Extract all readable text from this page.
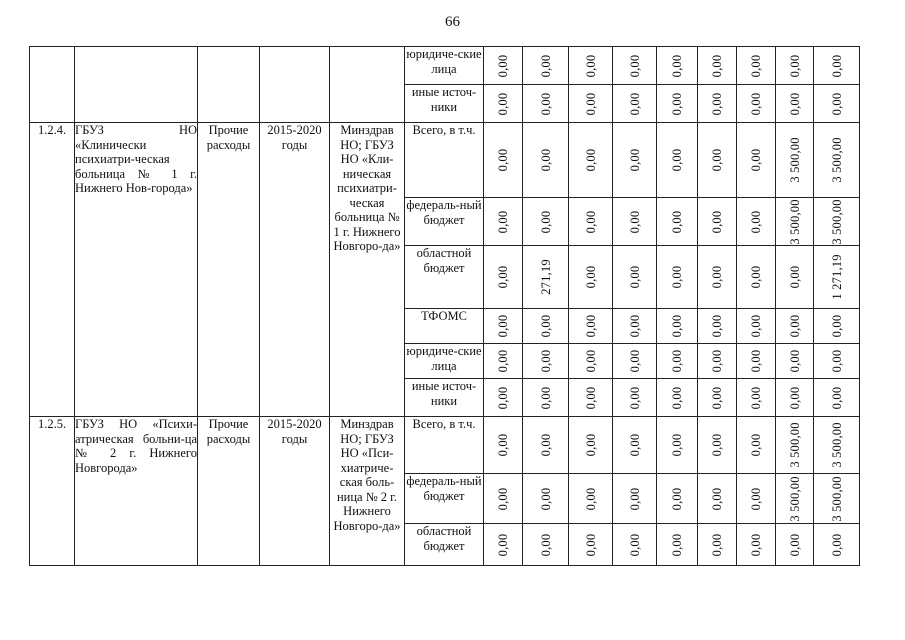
66
					юридиче-ские лица	0,00	0,00	0,00	0,00	0,00	0,00	0,00	0,00	0,00

					иные источ-ники	0,00	0,00	0,00	0,00	0,00	0,00	0,00	0,00	0,00

1.2.4.	ГБУЗ НО «Клинически психиатри-ческая больница № 1 г. Нижнего Нов-города»	Прочие расходы	2015-2020 годы	Минздрав НО; ГБУЗ НО «Кли-ническая психиатри-ческая больница № 1 г. Нижнего Новгоро-да»	Всего, в т.ч.	0,00	0,00	0,00	0,00	0,00	0,00	0,00	3 500,00	3 500,00

					федераль-ный бюджет	0,00	0,00	0,00	0,00	0,00	0,00	0,00	3 500,00	3 500,00

					областной бюджет	0,00	271,19	0,00	0,00	0,00	0,00	0,00	0,00	1 271,19

					ТФОМС	0,00	0,00	0,00	0,00	0,00	0,00	0,00	0,00	0,00

					юридиче-ские лица	0,00	0,00	0,00	0,00	0,00	0,00	0,00	0,00	0,00

					иные источ-ники	0,00	0,00	0,00	0,00	0,00	0,00	0,00	0,00	0,00

1.2.5.	ГБУЗ НО «Психи-атрическая больни-ца № 2 г. Нижнего Новгорода»	Прочие расходы	2015-2020 годы	Минздрав НО; ГБУЗ НО «Пси-хиатриче-ская боль-ница № 2 г. Нижнего Новгоро-да»	Всего, в т.ч.	0,00	0,00	0,00	0,00	0,00	0,00	0,00	3 500,00	3 500,00

					федераль-ный бюджет	0,00	0,00	0,00	0,00	0,00	0,00	0,00	3 500,00	3 500,00

					областной бюджет	0,00	0,00	0,00	0,00	0,00	0,00	0,00	0,00	0,00
